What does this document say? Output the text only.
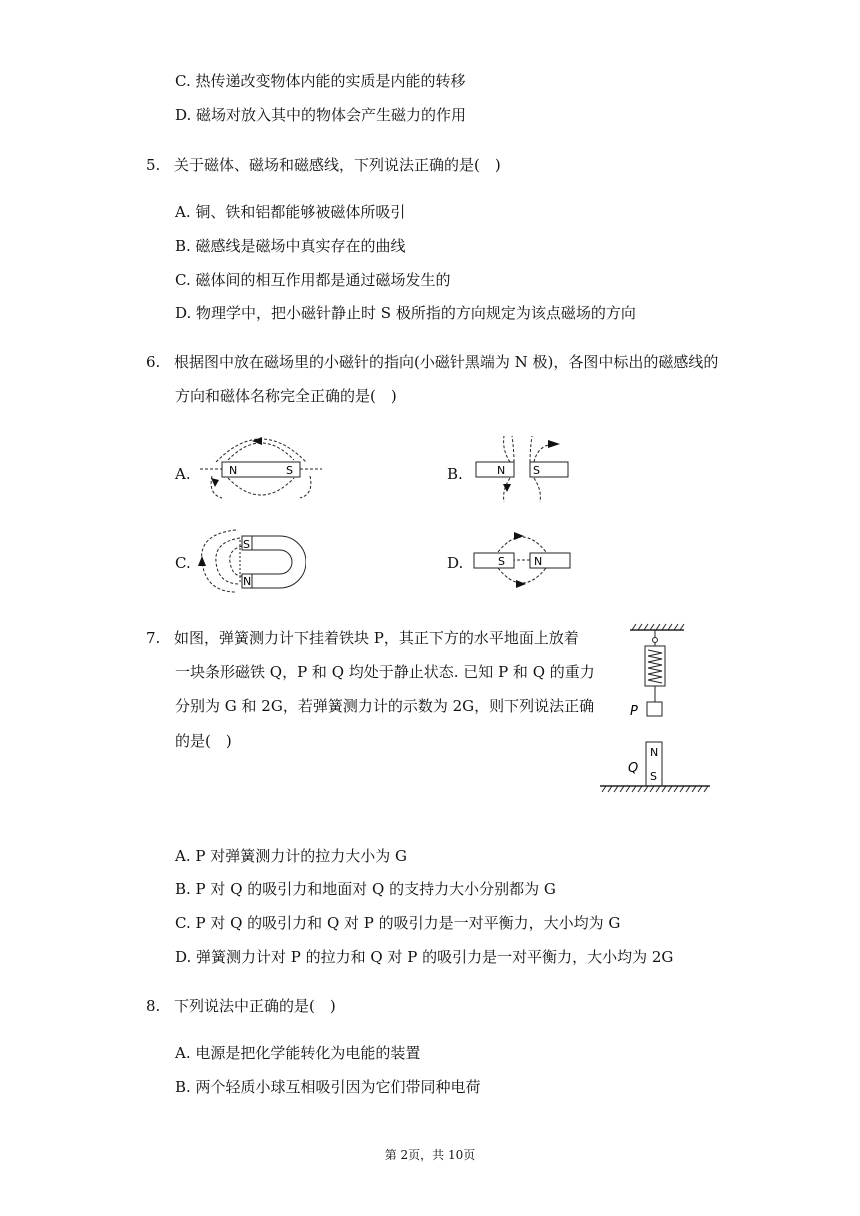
C. 热传递改变物体内能的实质是内能的转移
D. 磁场对放入其中的物体会产生磁力的作用
5. 关于磁体、磁场和磁感线，下列说法正确的是(　)
A. 铜、铁和铝都能够被磁体所吸引
B. 磁感线是磁场中真实存在的曲线
C. 磁体间的相互作用都是通过磁场发生的
D. 物理学中，把小磁针静止时 S 极所指的方向规定为该点磁场的方向
6. 根据图中放在磁场里的小磁针的指向(小磁针黑端为 N 极)，各图中标出的磁感线的
方向和磁体名称完全正确的是(　)
A.	B.
C.	D.
N	S	N	S
S
N
S	N
7. 如图，弹簧测力计下挂着铁块 P，其正下方的水平地面上放着
一块条形磁铁 Q，P 和 Q 均处于静止状态. 已知 P 和 Q 的重力
分别为 G 和 2G，若弹簧测力计的示数为 2G，则下列说法正确
的是(　)
P
N
S
Q
A. P 对弹簧测力计的拉力大小为 G
B. P 对 Q 的吸引力和地面对 Q 的支持力大小分别都为 G
C. P 对 Q 的吸引力和 Q 对 P 的吸引力是一对平衡力，大小均为 G
D. 弹簧测力计对 P 的拉力和 Q 对 P 的吸引力是一对平衡力，大小均为 2G
8. 下列说法中正确的是(　)
A. 电源是把化学能转化为电能的装置
B. 两个轻质小球互相吸引因为它们带同种电荷
第 2页，共 10页
